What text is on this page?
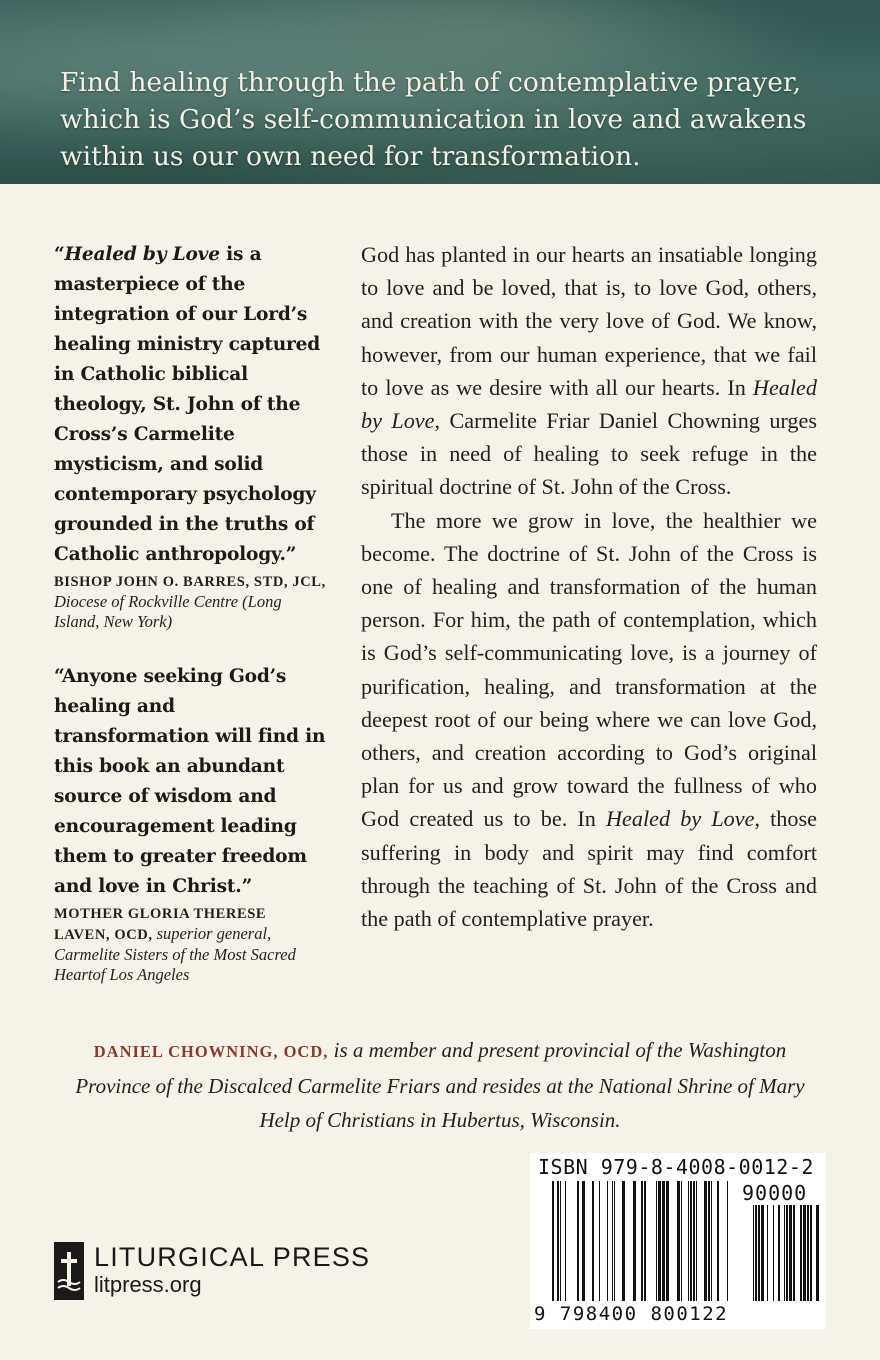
Find healing through the path of contemplative prayer, which is God’s self-communication in love and awakens within us our own need for transformation.

“Healed by Love is a masterpiece of the integration of our Lord’s healing ministry captured in Catholic biblical theology, St. John of the Cross’s Carmelite mysticism, and solid contemporary psychology grounded in the truths of Catholic anthropology.”

BISHOP JOHN O. BARRES, STD, JCL, Diocese of Rockville Centre (Long Island, New York)

“Anyone seeking God’s healing and transformation will find in this book an abundant source of wisdom and encouragement leading them to greater freedom and love in Christ.”

MOTHER GLORIA THERESE LAVEN, OCD, superior general, Carmelite Sisters of the Most Sacred Heartof Los Angeles

God has planted in our hearts an insatiable longing to love and be loved, that is, to love God, others, and creation with the very love of God. We know, however, from our human experience, that we fail to love as we desire with all our hearts. In Healed by Love, Carmelite Friar Daniel Chowning urges those in need of healing to seek refuge in the spiritual doctrine of St. John of the Cross.

The more we grow in love, the healthier we become. The doctrine of St. John of the Cross is one of healing and transformation of the human person. For him, the path of contemplation, which is God’s self-communicating love, is a journey of purification, healing, and transformation at the deepest root of our being where we can love God, others, and creation according to God’s original plan for us and grow toward the fullness of who God created us to be. In Healed by Love, those suffering in body and spirit may find comfort through the teaching of St. John of the Cross and the path of contemplative prayer.

DANIEL CHOWNING, OCD, is a member and present provincial of the Washington Province of the Discalced Carmelite Friars and resides at the National Shrine of Mary Help of Christians in Hubertus, Wisconsin.

LITURGICAL PRESS
litpress.org
ISBN 979-8-4008-0012-2
90000
9 798400 800122
